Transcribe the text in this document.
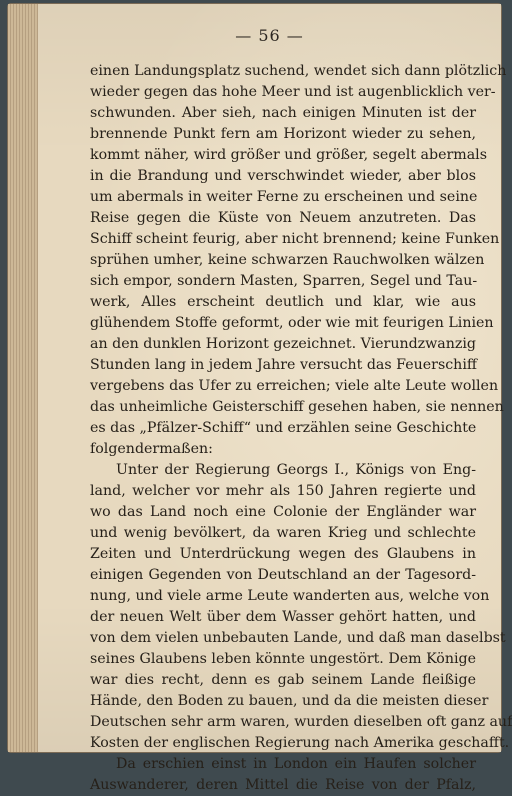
— 56 —
einen Landungsplatz suchend, wendet sich dann plötzlich
wieder gegen das hohe Meer und ist augenblicklich ver-
schwunden. Aber sieh, nach einigen Minuten ist der
brennende Punkt fern am Horizont wieder zu sehen,
kommt näher, wird größer und größer, segelt abermals
in die Brandung und verschwindet wieder, aber blos
um abermals in weiter Ferne zu erscheinen und seine
Reise gegen die Küste von Neuem anzutreten. Das
Schiff scheint feurig, aber nicht brennend; keine Funken
sprühen umher, keine schwarzen Rauchwolken wälzen
sich empor, sondern Masten, Sparren, Segel und Tau-
werk, Alles erscheint deutlich und klar, wie aus
glühendem Stoffe geformt, oder wie mit feurigen Linien
an den dunklen Horizont gezeichnet. Vierundzwanzig
Stunden lang in jedem Jahre versucht das Feuerschiff
vergebens das Ufer zu erreichen; viele alte Leute wollen
das unheimliche Geisterschiff gesehen haben, sie nennen
es das „Pfälzer-Schiff“ und erzählen seine Geschichte
folgendermaßen:
Unter der Regierung Georgs I., Königs von Eng-
land, welcher vor mehr als 150 Jahren regierte und
wo das Land noch eine Colonie der Engländer war
und wenig bevölkert, da waren Krieg und schlechte
Zeiten und Unterdrückung wegen des Glaubens in
einigen Gegenden von Deutschland an der Tagesord-
nung, und viele arme Leute wanderten aus, welche von
der neuen Welt über dem Wasser gehört hatten, und
von dem vielen unbebauten Lande, und daß man daselbst
seines Glaubens leben könnte ungestört. Dem Könige
war dies recht, denn es gab seinem Lande fleißige
Hände, den Boden zu bauen, und da die meisten dieser
Deutschen sehr arm waren, wurden dieselben oft ganz auf
Kosten der englischen Regierung nach Amerika geschafft.
Da erschien einst in London ein Haufen solcher
Auswanderer, deren Mittel die Reise von der Pfalz,
